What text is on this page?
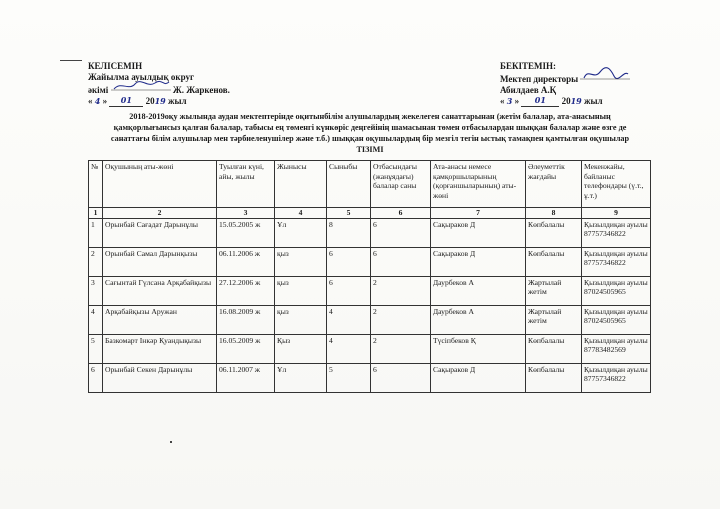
КЕЛІСЕМІН
Жайылма ауылдық округ
әкімі	Ж. Жаркенов.
« 4 » 01 2019 жыл
БЕКІТЕМІН:
Мектеп директоры
Абилдаев А.Қ
« 3 » 01 2019 жыл
2018-2019оқу жылында аудан мектептерінде оқитынбілім алушылардың жекелеген санаттарынан (жетім балалар, ата-анасының
қамқорлығынсыз қалған балалар, табысы ең төменгі күнкөріс деңгейінің шамасынан төмен отбасылардан шыққан балалар және өзге де
санаттағы білім алушылар мен тәрбиеленушілер және т.б.) шыққан оқушылардың бір мезгіл тегін ыстық тамақпен қамтылған оқушылар
ТІЗІМІ
№	Оқушының аты-жөні	Туылған күні, айы, жылы	Жынысы	Сыныбы	Отбасындағы (жанұядағы) балалар саны	Ата-анасы немесе қамқоршыларының (қорғаншыларының) аты-жөні	Әлеуметтік жағдайы	Мекенжайы, байланыс телефондары (ү.т., ұ.т.)
1	2	3	4	5	6	7	8	9
1	Орынбай Сағадат Дарынұлы	15.05.2005 ж	Ұл	8	6	Сақыраков Д	Көпбалалы	Қызылдиқан ауылы 87757346822
2	Орынбай Самал Дарынқызы	06.11.2006 ж	қыз	6	6	Сақыраков Д	Көпбалалы	Қызылдиқан ауылы 87757346822
3	Сағынтай Гүлсана Арқабайқызы	27.12.2006 ж	қыз	6	2	Даурбеков А	Жартылай жетім	Қызылдиқан ауылы 87024505965
4	Арқабайқызы Аружан	16.08.2009 ж	қыз	4	2	Даурбеков А	Жартылай жетім	Қызылдиқан ауылы 87024505965
5	Базкомарт Інкәр Қуандықызы	16.05.2009 ж	Қыз	4	2	Түсіпбеков Қ	Көпбалалы	Қызылдиқан ауылы 87783482569
6	Орынбай Секен Дарынұлы	06.11.2007 ж	Ұл	5	6	Сақыраков Д	Көпбалалы	Қызылдиқан ауылы 87757346822
